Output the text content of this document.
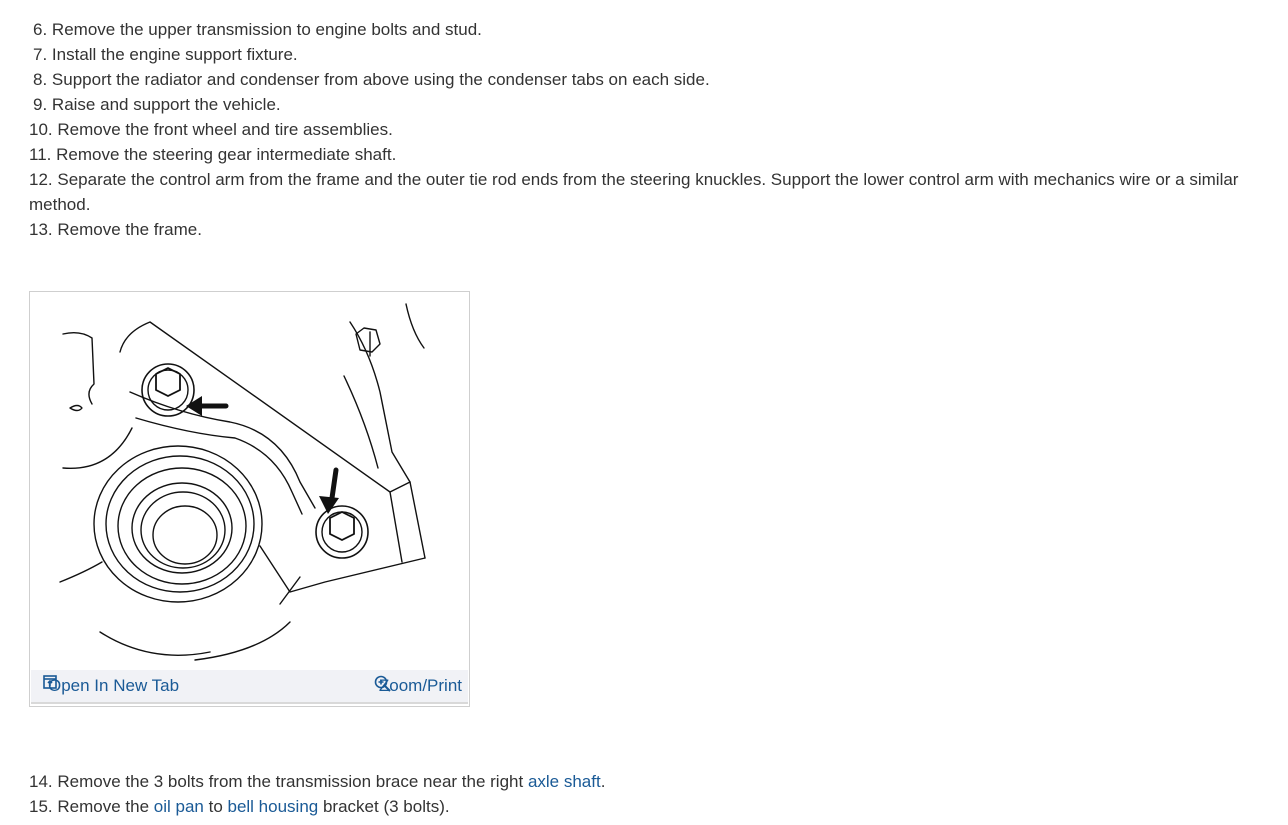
6. Remove the upper transmission to engine bolts and stud.
7. Install the engine support fixture.
8. Support the radiator and condenser from above using the condenser tabs on each side.
9. Raise and support the vehicle.
10. Remove the front wheel and tire assemblies.
11. Remove the steering gear intermediate shaft.
12. Separate the control arm from the frame and the outer tie rod ends from the steering knuckles. Support the lower control arm with mechanics wire or a similar method.
13. Remove the frame.
Open In New Tab	Zoom/Print
14. Remove the 3 bolts from the transmission brace near the right axle shaft.
15. Remove the oil pan to bell housing bracket (3 bolts).
